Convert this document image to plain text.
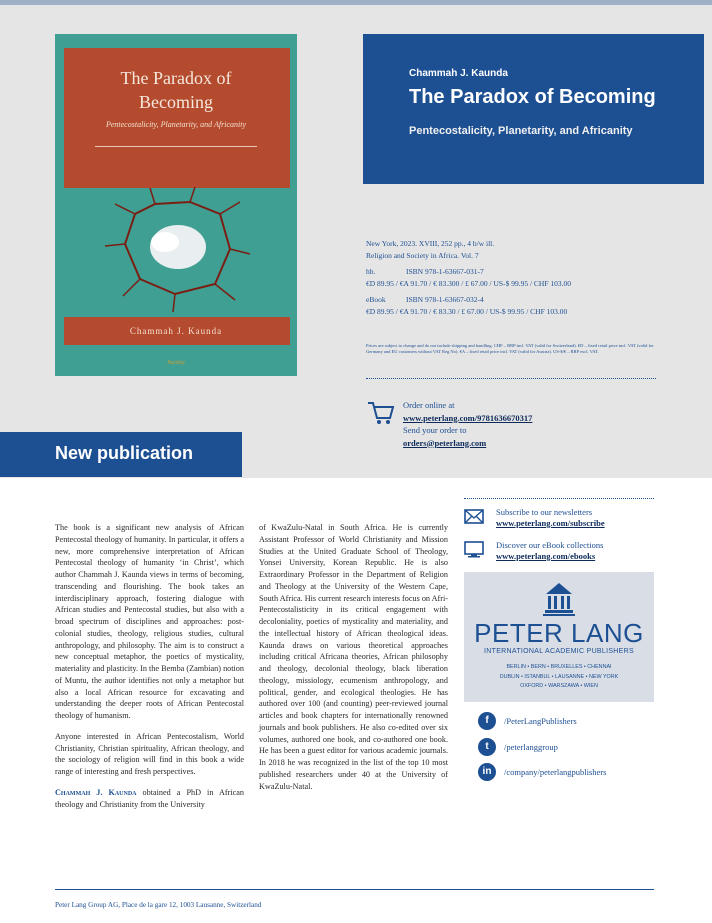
The Paradox of
Becoming
Pentecostalicity, Planetarity, and Africanity
Chammah J. Kaunda
Society
Chammah J. Kaunda
The Paradox of Becoming
Pentecostalicity, Planetarity, and Africanity
New York, 2023. XVIII, 252 pp., 4 b/w ill.
Religion and Society in Africa. Vol. 7
hb.	ISBN 978-1-63667-031-7
€D 89.95 / €A 91.70 / € 83.300 / £ 67.00 / US-$ 99.95 / CHF 103.00
eBook	ISBN 978-1-63667-032-4
€D 89.95 / €A 91.70 / € 83.30 / £ 67.00 / US-$ 99.95 / CHF 103.00
Prices are subject to change and do not include shipping and handling. CHF – RRP incl. VAT (valid for Switzerland). €D – fixed retail price incl. VAT (valid for Germany and EU customers without VAT Reg No). €A – fixed retail price incl. VAT (valid for Austria). US-$/€ – RRP excl. VAT.
Order online at
www.peterlang.com/9781636670317
Send your order to
orders@peterlang.com
New publication

The book is a significant new analysis of African Pentecostal theology of humanity. In particular, it offers a new, more comprehensive interpretation of African Pentecostal theology of humanity ‘in Christ’, which author Chammah J. Kaunda views in terms of becoming, transcending and flourishing. The book takes an interdisciplinary approach, fostering dialogue with African studies and Pentecostal studies, but also with a broad spectrum of disciplines and approaches: post-colonial studies, theology, religious studies, cultural anthropology, and philosophy. The aim is to construct a new conceptual metaphor, the poetics of mysticality, materiality and plasticity. In the Bemba (Zambian) notion of Muntu, the author identifies not only a metaphor but also a local African resource for excavating and understanding the deeper roots of African Pentecostal theology of humanism.

Anyone interested in African Pentecostalism, World Christianity, Christian spirituality, African theology, and the sociology of religion will find in this book a wide range of interesting and fresh perspectives.

Chammah J. Kaunda obtained a PhD in African theology and Christianity from the University

of KwaZulu-Natal in South Africa. He is currently Assistant Professor of World Christianity and Mission Studies at the United Graduate School of Theology, Yonsei University, Korean Republic. He is also Extraordinary Professor in the Department of Religion and Theology at the University of the Western Cape, South Africa. His current research interests focus on Afri-Pentecostalisticity in its critical engagement with decoloniality, poetics of mysticality and materiality, and the intellectual history of African theological ideas. Kaunda draws on various theoretical approaches including critical Africana theories, African philosophy and theology, decolonial theology, black liberation theology, missiology, ecumenism anthropology, and political, gender, and ecological theologies. He has authored over 100 (and counting) peer-reviewed journal articles and book chapters for internationally renowned journals and book publishers. He also co-edited over six volumes, authored one book, and co-authored one book. He has been a guest editor for various academic journals. In 2018 he was recognized in the list of the top 10 most published researchers under 40 at the University of KwaZulu-Natal.

Subscribe to our newsletters
www.peterlang.com/subscribe
Discover our eBook collections
www.peterlang.com/ebooks
PETER LANG
INTERNATIONAL ACADEMIC PUBLISHERS
BERLIN • BERN • BRUXELLES • CHENNAI
DUBLIN • ISTANBUL • LAUSANNE • NEW YORK
OXFORD • WARSZAWA • WIEN
f	/PeterLangPublishers
t	/peterlanggroup
in	/company/peterlangpublishers
Peter Lang Group AG, Place de la gare 12, 1003 Lausanne, Switzerland
